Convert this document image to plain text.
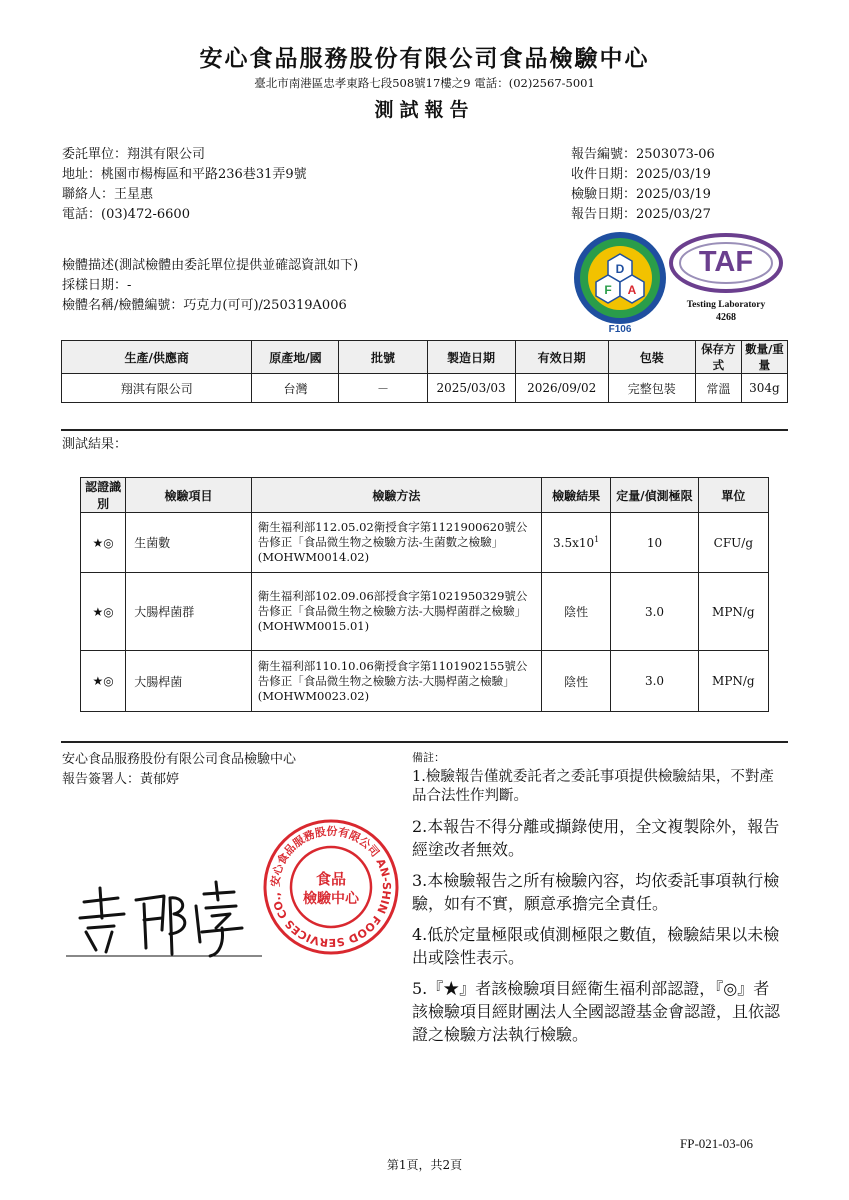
安心食品服務股份有限公司食品檢驗中心
臺北市南港區忠孝東路七段508號17樓之9 電話：(02)2567-5001
測試報告
委託單位：翔淇有限公司
地址：桃園市楊梅區和平路236巷31弄9號
聯絡人：王星惠
電話：(03)472-6600
報告編號：2503073-06
收件日期：2025/03/19
檢驗日期：2025/03/19
報告日期：2025/03/27
檢體描述(測試檢體由委託單位提供並確認資訊如下)
採樣日期：-
檢體名稱/檢體編號：巧克力(可可)/250319A006
D
F A
F106
TAF
Testing Laboratory
4268
生產/供應商	原產地/國	批號	製造日期	有效日期	包裝	保存方式	數量/重量
翔淇有限公司	台灣	－	2025/03/03	2026/09/02	完整包裝	常溫	304g
測試結果：
認證識別	檢驗項目	檢驗方法	檢驗結果	定量/偵測極限	單位
★◎	生菌數	衛生福利部112.05.02衛授食字第1121900620號公告修正「食品微生物之檢驗方法-生菌數之檢驗」(MOHWM0014.02)	$3.5x10^1$	10	CFU/g
★◎	大腸桿菌群	衛生福利部102.09.06部授食字第1021950329號公告修正「食品微生物之檢驗方法-大腸桿菌群之檢驗」(MOHWM0015.01)	陰性	3.0	MPN/g
★◎	大腸桿菌	衛生福利部110.10.06衛授食字第1101902155號公告修正「食品微生物之檢驗方法-大腸桿菌之檢驗」(MOHWM0023.02)	陰性	3.0	MPN/g
安心食品服務股份有限公司食品檢驗中心
報告簽署人：黃郁婷
安心食品服務股份有限公司 AN-SHIN FOOD SERVICES CO.,
食品
檢驗中心
備註：
1.檢驗報告僅就委託者之委託事項提供檢驗結果，不對產品合法性作判斷。
2.本報告不得分離或擷錄使用，全文複製除外，報告經塗改者無效。
3.本檢驗報告之所有檢驗內容，均依委託事項執行檢驗，如有不實，願意承擔完全責任。
4.低於定量極限或偵測極限之數值，檢驗結果以未檢出或陰性表示。
5.『★』者該檢驗項目經衛生福利部認證，『◎』者該檢驗項目經財團法人全國認證基金會認證，且依認證之檢驗方法執行檢驗。
FP-021-03-06
第1頁，共2頁
